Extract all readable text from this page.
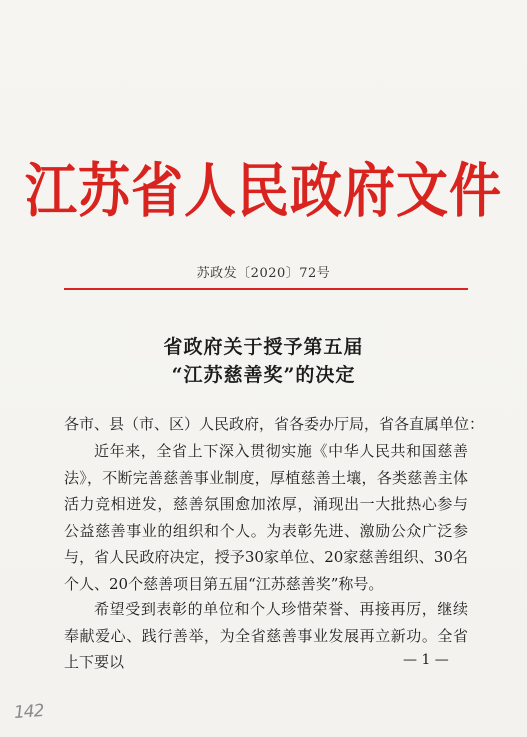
江苏省人民政府文件
苏政发〔2020〕72号
省政府关于授予第五届
“江苏慈善奖”的决定
各市、县（市、区）人民政府，省各委办厅局，省各直属单位：

近年来，全省上下深入贯彻实施《中华人民共和国慈善法》，不断完善慈善事业制度，厚植慈善土壤，各类慈善主体活力竞相迸发，慈善氛围愈加浓厚，涌现出一大批热心参与公益慈善事业的组织和个人。为表彰先进、激励公众广泛参与，省人民政府决定，授予30家单位、20家慈善组织、30名个人、20个慈善项目第五届“江苏慈善奖”称号。

希望受到表彰的单位和个人珍惜荣誉、再接再厉，继续奉献爱心、践行善举，为全省慈善事业发展再立新功。全省上下要以	— 1 —
142
